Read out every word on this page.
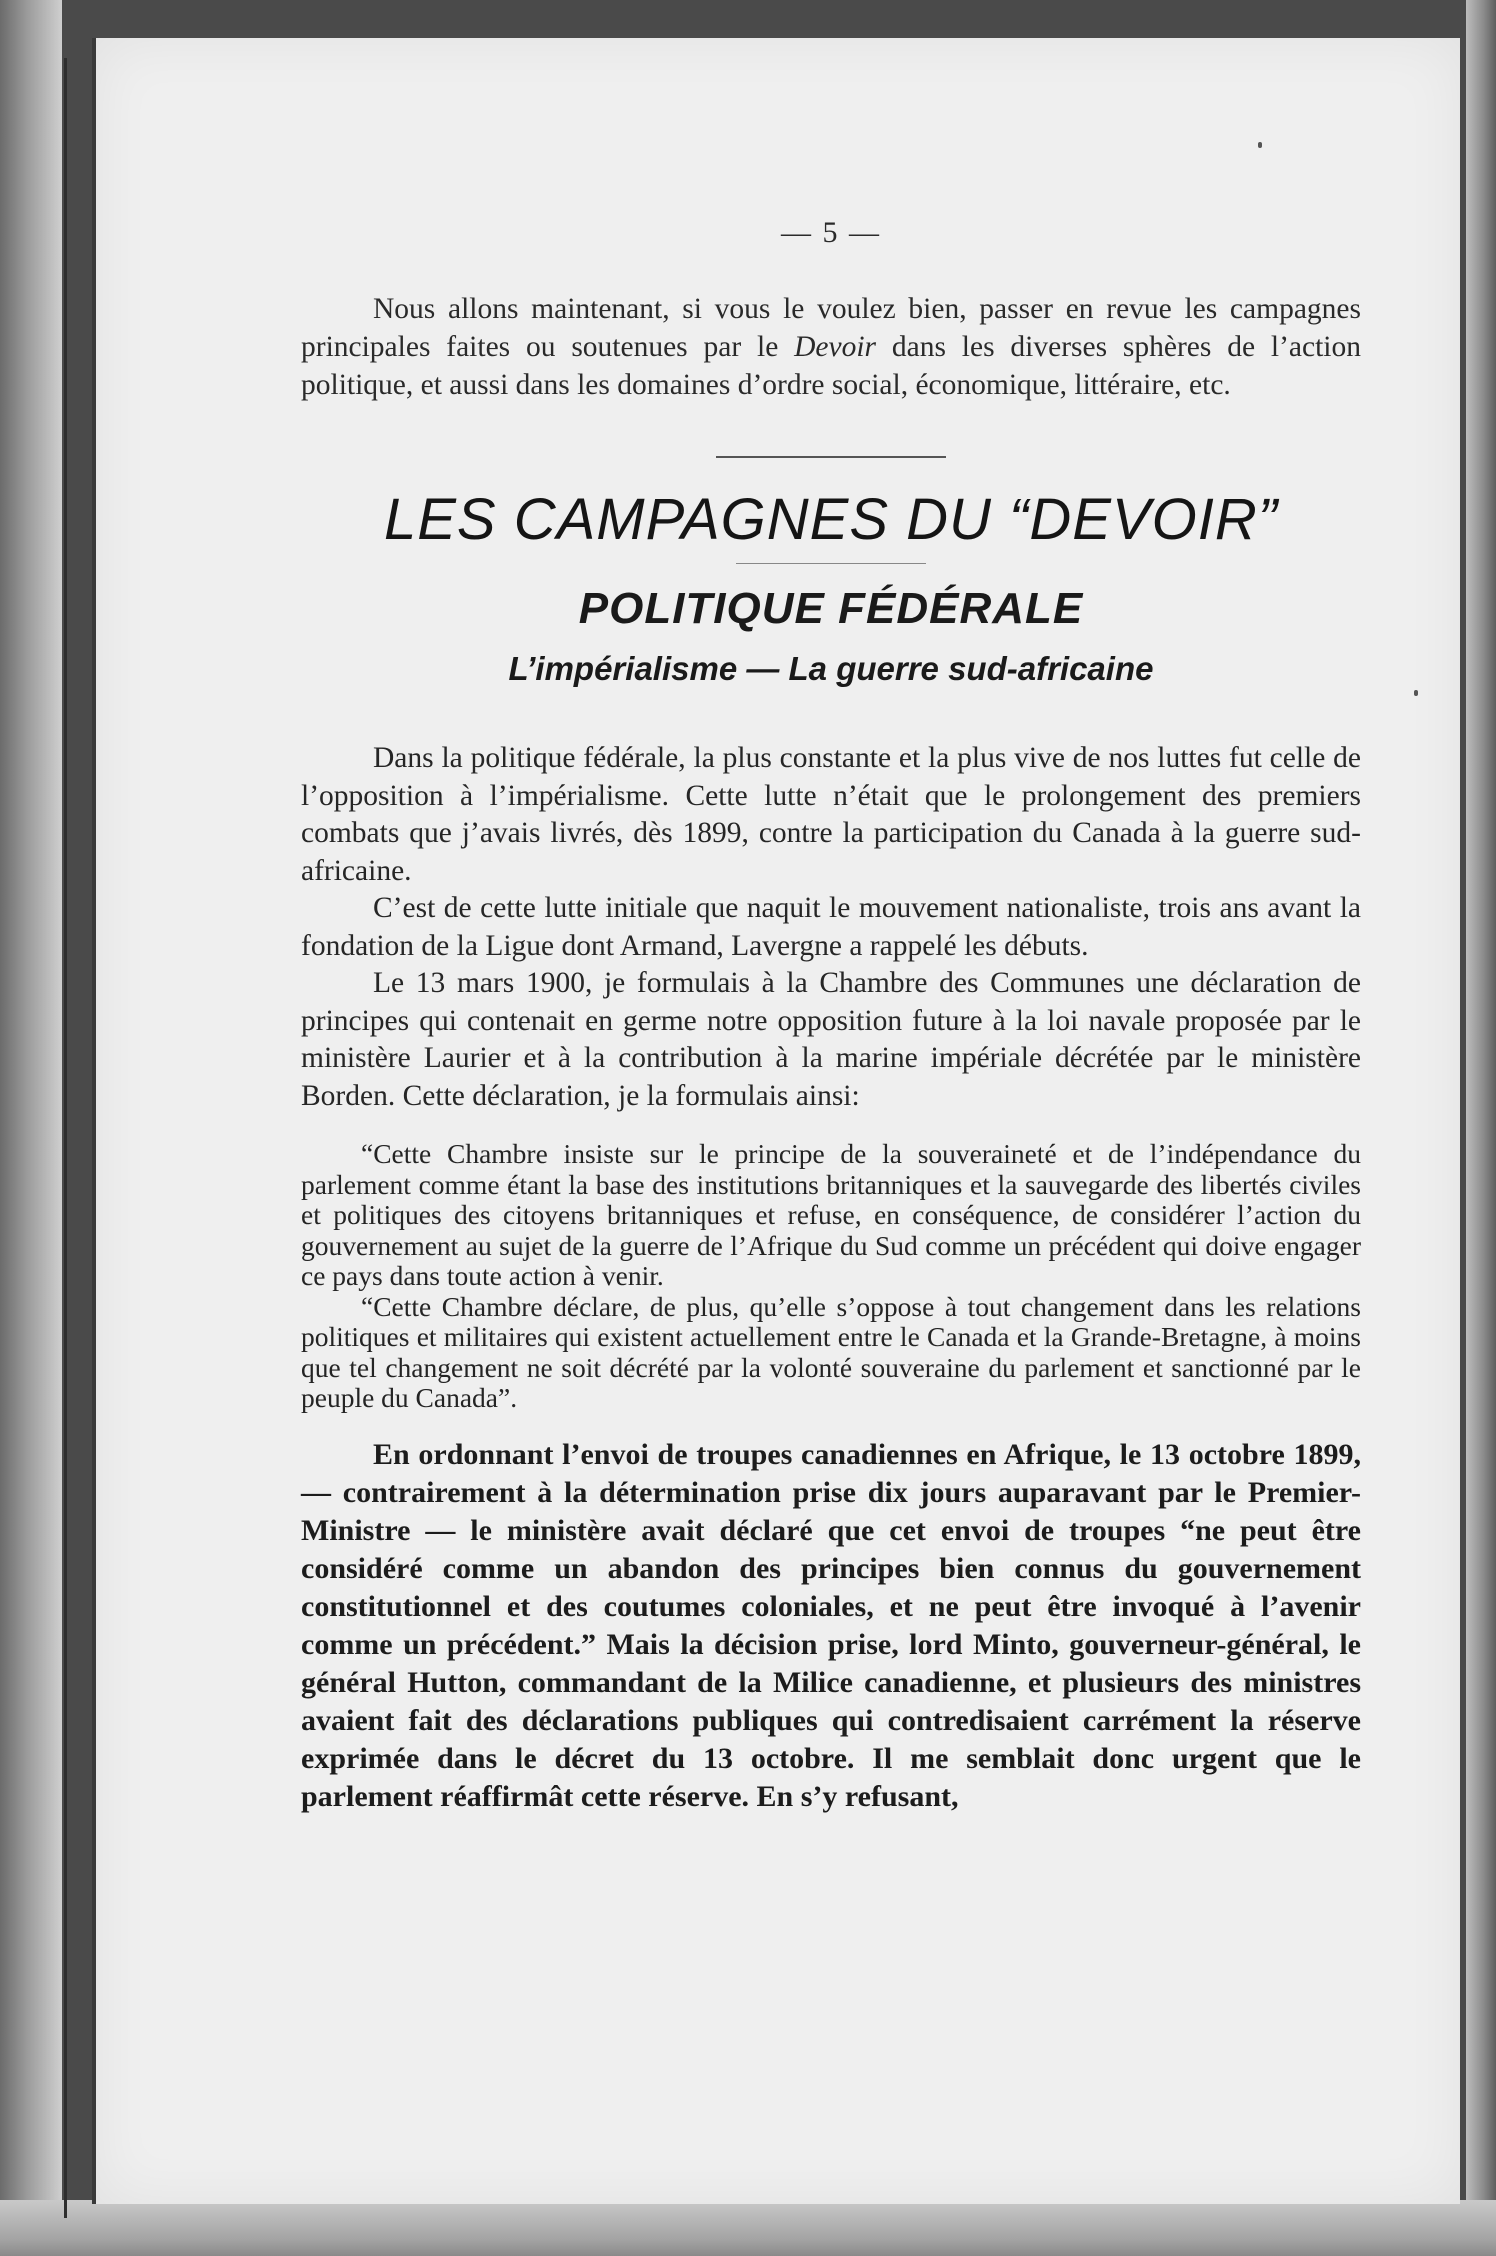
— 5 —

Nous allons maintenant, si vous le voulez bien, passer en revue les campagnes principales faites ou soutenues par le Devoir dans les diverses sphères de l’action politique, et aussi dans les domaines d’ordre social, économique, littéraire, etc.

LES CAMPAGNES DU “DEVOIR”
POLITIQUE FÉDÉRALE
L’impérialisme — La guerre sud-africaine

Dans la politique fédérale, la plus constante et la plus vive de nos luttes fut celle de l’opposition à l’impérialisme. Cette lutte n’était que le prolongement des premiers combats que j’avais livrés, dès 1899, contre la participation du Canada à la guerre sud-africaine.

C’est de cette lutte initiale que naquit le mouvement nationaliste, trois ans avant la fondation de la Ligue dont Armand, Lavergne a rappelé les débuts.

Le 13 mars 1900, je formulais à la Chambre des Communes une déclaration de principes qui contenait en germe notre opposition future à la loi navale proposée par le ministère Laurier et à la contribution à la marine impériale décrétée par le ministère Borden. Cette déclaration, je la formulais ainsi:

“Cette Chambre insiste sur le principe de la souveraineté et de l’indépendance du parlement comme étant la base des institutions britanniques et la sauvegarde des libertés civiles et politiques des citoyens britanniques et refuse, en conséquence, de considérer l’action du gouvernement au sujet de la guerre de l’Afrique du Sud comme un précédent qui doive engager ce pays dans toute action à venir.

“Cette Chambre déclare, de plus, qu’elle s’oppose à tout changement dans les relations politiques et militaires qui existent actuellement entre le Canada et la Grande-Bretagne, à moins que tel changement ne soit décrété par la volonté souveraine du parlement et sanctionné par le peuple du Canada”.

En ordonnant l’envoi de troupes canadiennes en Afrique, le 13 octobre 1899, — contrairement à la détermination prise dix jours auparavant par le Premier-Ministre — le ministère avait déclaré que cet envoi de troupes “ne peut être considéré comme un abandon des principes bien connus du gouvernement constitutionnel et des coutumes coloniales, et ne peut être invoqué à l’avenir comme un précédent.” Mais la décision prise, lord Minto, gouverneur-général, le général Hutton, commandant de la Milice canadienne, et plusieurs des ministres avaient fait des déclarations publiques qui contredisaient carrément la réserve exprimée dans le décret du 13 octobre. Il me semblait donc urgent que le parlement réaffirmât cette réserve. En s’y refusant,
